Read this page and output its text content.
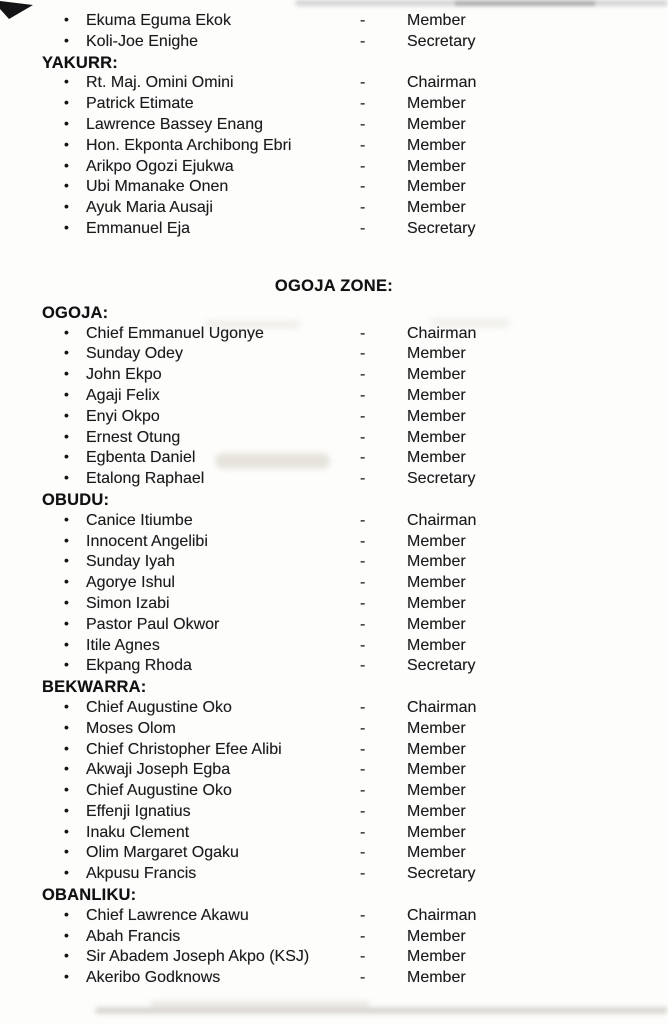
• Ekuma Eguma Ekok	-	Member
• Koli-Joe Enighe	-	Secretary
YAKURR:
• Rt. Maj. Omini Omini	-	Chairman
• Patrick Etimate	-	Member
• Lawrence Bassey Enang	-	Member
• Hon. Ekponta Archibong Ebri	-	Member
• Arikpo Ogozi Ejukwa	-	Member
• Ubi Mmanake Onen	-	Member
• Ayuk Maria Ausaji	-	Member
• Emmanuel Eja	-	Secretary
OGOJA ZONE:
OGOJA:
• Chief Emmanuel Ugonye	-	Chairman
• Sunday Odey	-	Member
• John Ekpo	-	Member
• Agaji Felix	-	Member
• Enyi Okpo	-	Member
• Ernest Otung	-	Member
• Egbenta Daniel	-	Member
• Etalong Raphael	-	Secretary
OBUDU:
• Canice Itiumbe	-	Chairman
• Innocent Angelibi	-	Member
• Sunday Iyah	-	Member
• Agorye Ishul	-	Member
• Simon Izabi	-	Member
• Pastor Paul Okwor	-	Member
• Itile Agnes	-	Member
• Ekpang Rhoda	-	Secretary
BEKWARRA:
• Chief Augustine Oko	-	Chairman
• Moses Olom	-	Member
• Chief Christopher Efee Alibi	-	Member
• Akwaji Joseph Egba	-	Member
• Chief Augustine Oko	-	Member
• Effenji Ignatius	-	Member
• Inaku Clement	-	Member
• Olim Margaret Ogaku	-	Member
• Akpusu Francis	-	Secretary
OBANLIKU:
• Chief Lawrence Akawu	-	Chairman
• Abah Francis	-	Member
• Sir Abadem Joseph Akpo (KSJ)	-	Member
• Akeribo Godknows	-	Member
